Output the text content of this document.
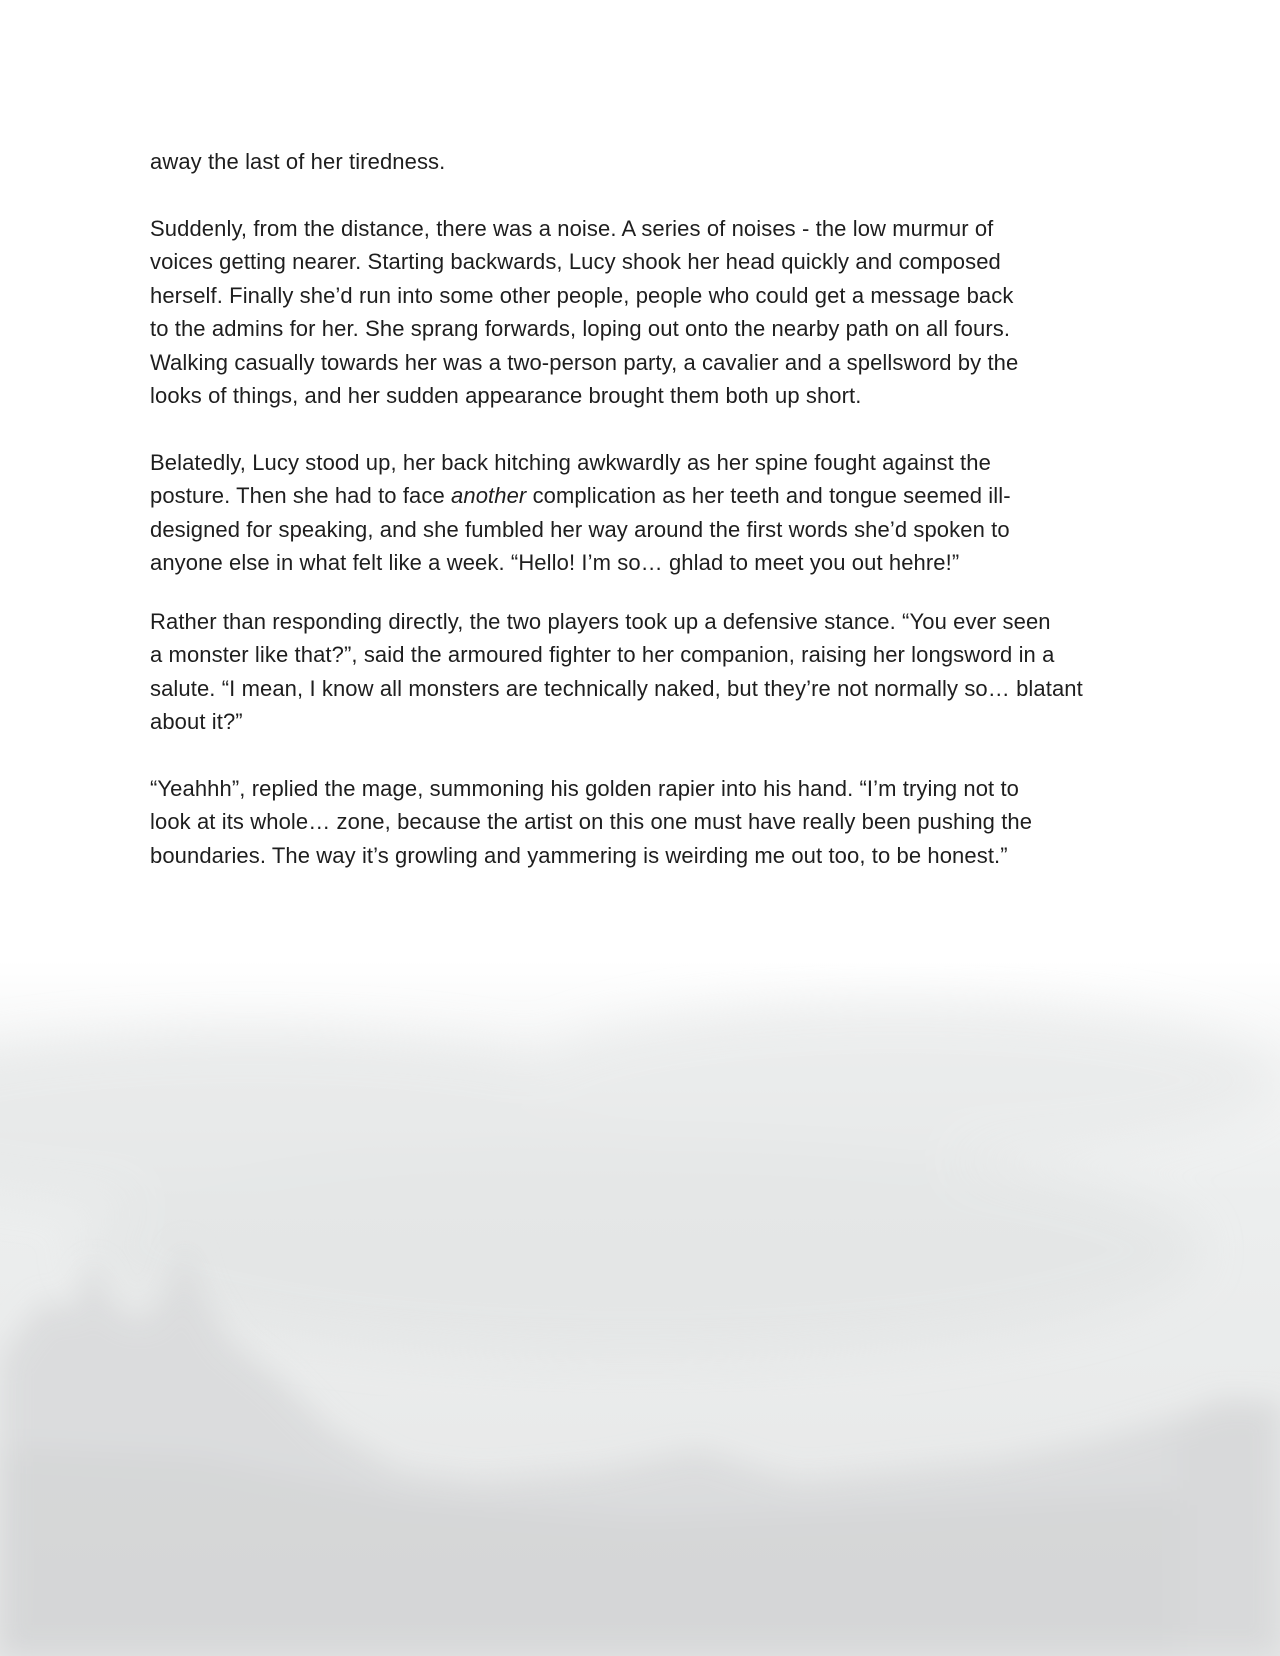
away the last of her tiredness.

Suddenly, from the distance, there was a noise. A series of noises - the low murmur of
voices getting nearer. Starting backwards, Lucy shook her head quickly and composed
herself. Finally she’d run into some other people, people who could get a message back
to the admins for her. She sprang forwards, loping out onto the nearby path on all fours.
Walking casually towards her was a two-person party, a cavalier and a spellsword by the
looks of things, and her sudden appearance brought them both up short.

Belatedly, Lucy stood up, her back hitching awkwardly as her spine fought against the
posture. Then she had to face another complication as her teeth and tongue seemed ill-
designed for speaking, and she fumbled her way around the first words she’d spoken to
anyone else in what felt like a week. “Hello! I’m so… ghlad to meet you out hehre!”

Rather than responding directly, the two players took up a defensive stance. “You ever seen
a monster like that?”, said the armoured fighter to her companion, raising her longsword in a
salute. “I mean, I know all monsters are technically naked, but they’re not normally so… blatant
about it?”

“Yeahhh”, replied the mage, summoning his golden rapier into his hand. “I’m trying not to
look at its whole… zone, because the artist on this one must have really been pushing the
boundaries. The way it’s growling and yammering is weirding me out too, to be honest.”
